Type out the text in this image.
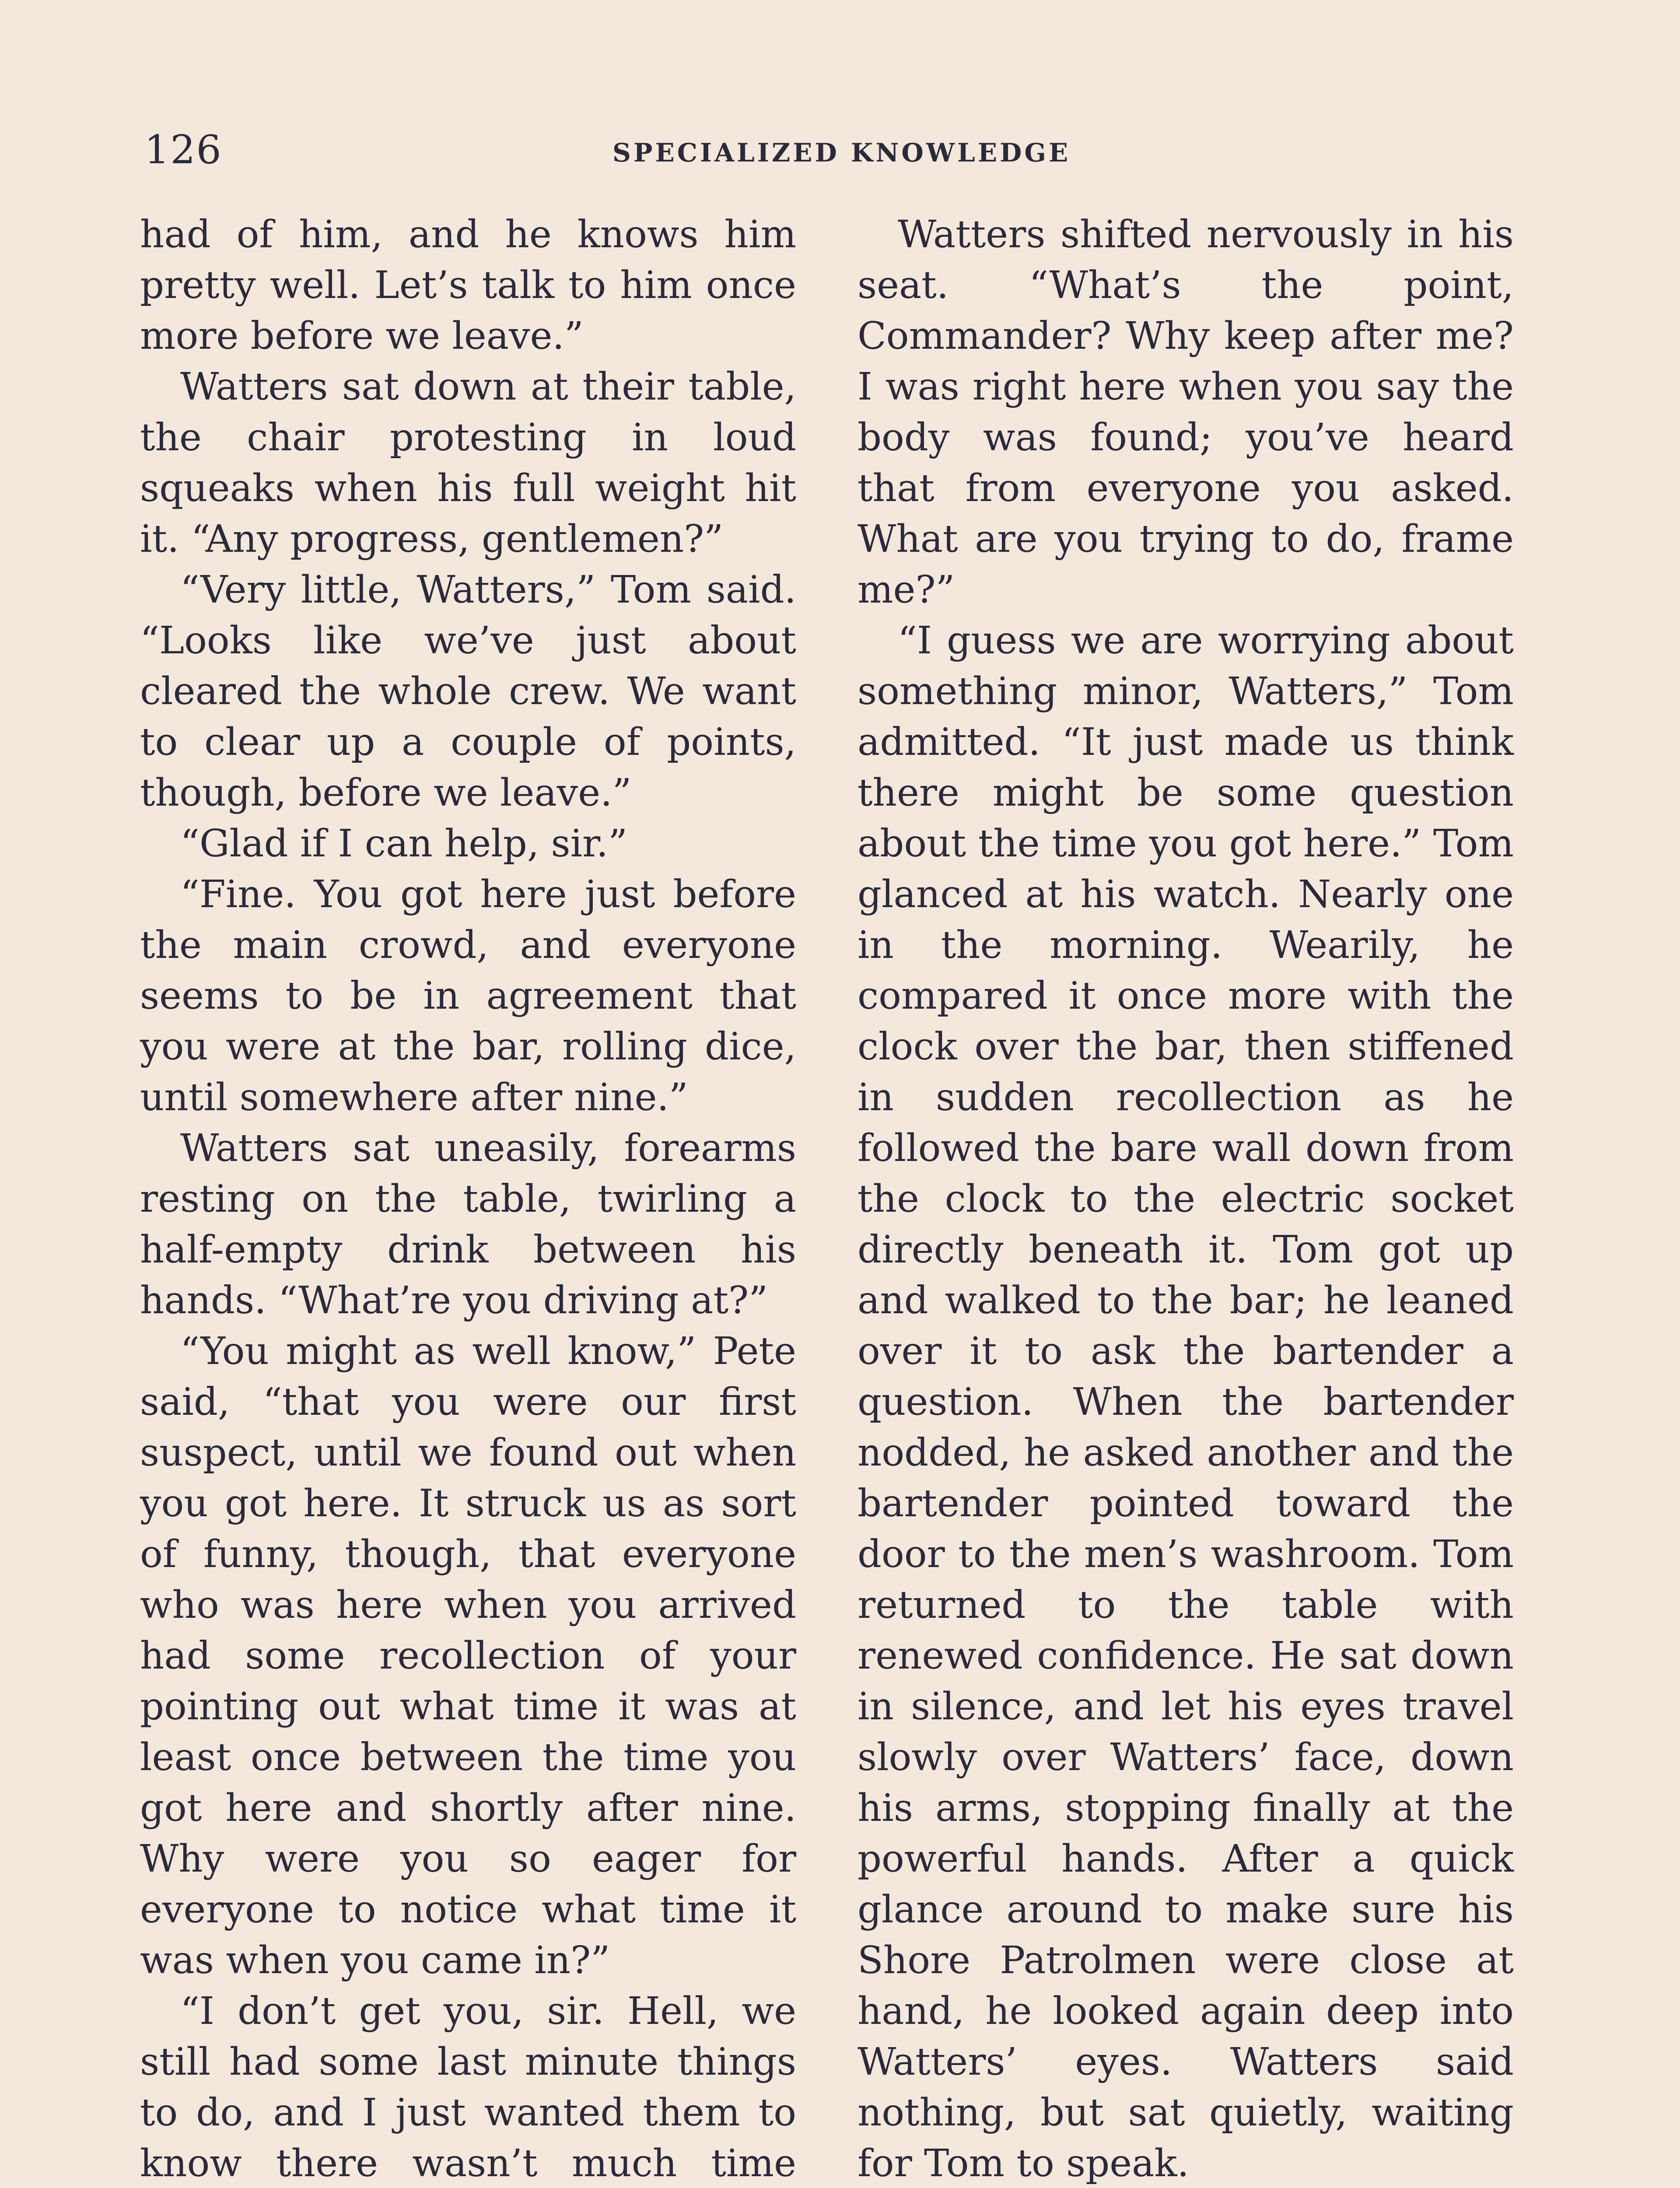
126	SPECIALIZED KNOWLEDGE

had of him, and he knows him pretty well. Let’s talk to him once more before we leave.”

Watters sat down at their table, the chair protesting in loud squeaks when his full weight hit it. “Any progress, gentlemen?”

“Very little, Watters,” Tom said. “Looks like we’ve just about cleared the whole crew. We want to clear up a couple of points, though, before we leave.”

“Glad if I can help, sir.”

“Fine. You got here just before the main crowd, and everyone seems to be in agreement that you were at the bar, rolling dice, until somewhere after nine.”

Watters sat uneasily, forearms resting on the table, twirling a half-empty drink between his hands. “What’re you driving at?”

“You might as well know,” Pete said, “that you were our first suspect, until we found out when you got here. It struck us as sort of funny, though, that everyone who was here when you arrived had some recollection of your pointing out what time it was at least once between the time you got here and shortly after nine. Why were you so eager for everyone to notice what time it was when you came in?”

“I don’t get you, sir. Hell, we still had some last minute things to do, and I just wanted them to know there wasn’t much time

Watters shifted nervously in his seat. “What’s the point, Commander? Why keep after me? I was right here when you say the body was found; you’ve heard that from everyone you asked. What are you trying to do, frame me?”

“I guess we are worrying about something minor, Watters,” Tom admitted. “It just made us think there might be some question about the time you got here.” Tom glanced at his watch. Nearly one in the morning. Wearily, he compared it once more with the clock over the bar, then stiffened in sudden recollection as he followed the bare wall down from the clock to the electric socket directly beneath it. Tom got up and walked to the bar; he leaned over it to ask the bartender a question. When the bartender nodded, he asked another and the bartender pointed toward the door to the men’s washroom. Tom returned to the table with renewed confidence. He sat down in silence, and let his eyes travel slowly over Watters’ face, down his arms, stopping finally at the powerful hands. After a quick glance around to make sure his Shore Patrolmen were close at hand, he looked again deep into Watters’ eyes. Watters said nothing, but sat quietly, waiting for Tom to speak.
